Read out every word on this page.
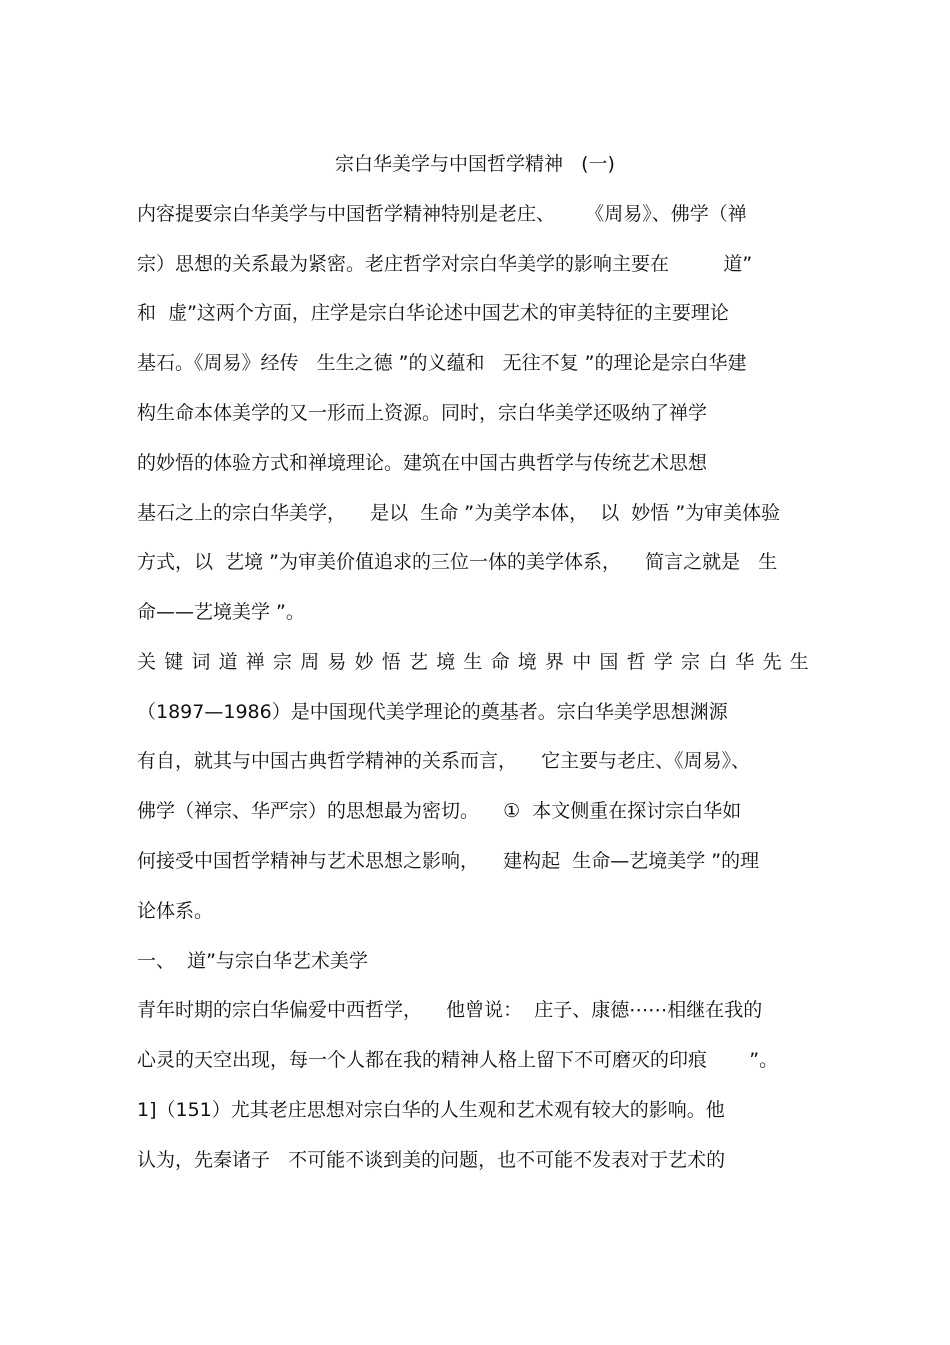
宗白华美学与中国哲学精神   (一)
内容提要宗白华美学与中国哲学精神特别是老庄、     《周易》、佛学（禅
宗）思想的关系最为紧密。老庄哲学对宗白华美学的影响主要在         道”
和  虚”这两个方面，庄学是宗白华论述中国艺术的审美特征的主要理论
基石。《周易》经传   生生之德 ”的义蕴和   无往不复 ”的理论是宗白华建
构生命本体美学的又一形而上资源。同时，宗白华美学还吸纳了禅学
的妙悟的体验方式和禅境理论。建筑在中国古典哲学与传统艺术思想
基石之上的宗白华美学，    是以  生命 ”为美学本体，  以  妙悟 ”为审美体验
方式，以  艺境 ”为审美价值追求的三位一体的美学体系，    简言之就是   生
命——艺境美学 ”。
关键词道禅宗周易妙悟艺境生命境界中国哲学宗白华先生
（1897—1986）是中国现代美学理论的奠基者。宗白华美学思想渊源
有自，就其与中国古典哲学精神的关系而言，    它主要与老庄、《周易》、
佛学（禅宗、华严宗）的思想最为密切。    ①  本文侧重在探讨宗白华如
何接受中国哲学精神与艺术思想之影响，    建构起  生命—艺境美学 ”的理
论体系。
一、  道”与宗白华艺术美学
青年时期的宗白华偏爱中西哲学，    他曾说：  庄子、康德⋯⋯相继在我的
心灵的天空出现，每一个人都在我的精神人格上留下不可磨灭的印痕       ”。
1]（151）尤其老庄思想对宗白华的人生观和艺术观有较大的影响。他
认为，先秦诸子   不可能不谈到美的问题，也不可能不发表对于艺术的
